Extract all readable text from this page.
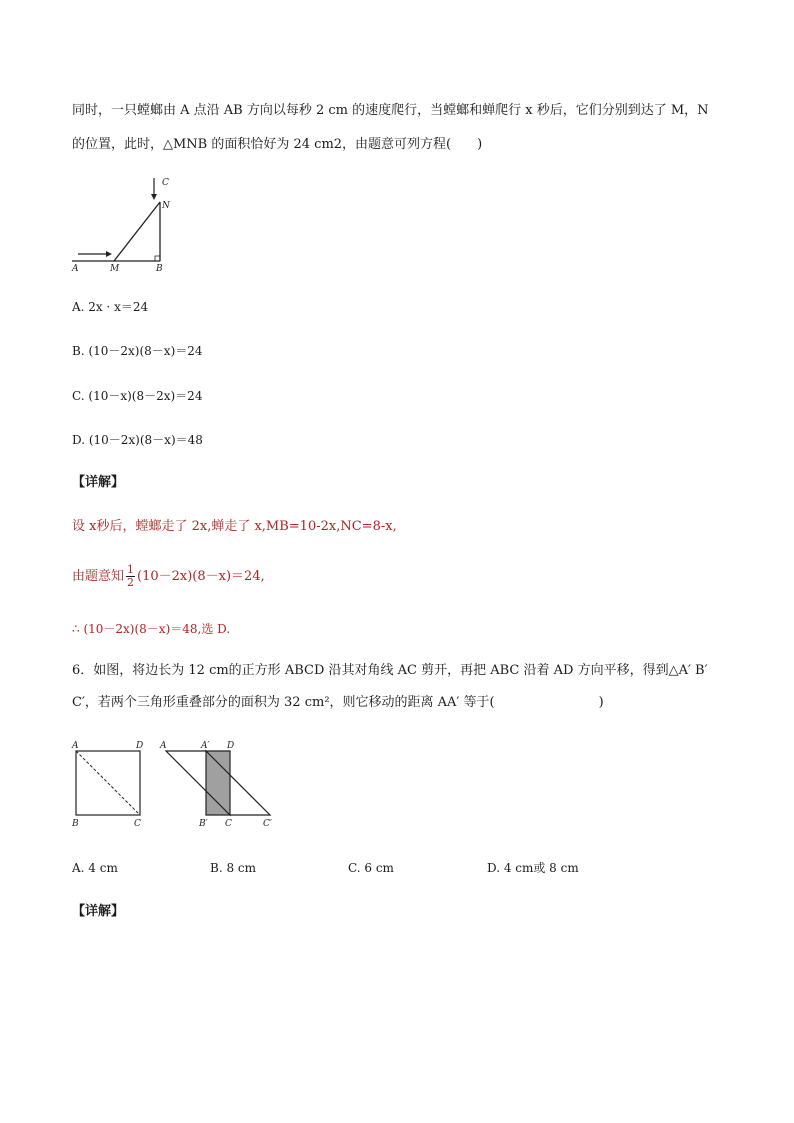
同时，一只螳螂由 A 点沿 AB 方向以每秒 2 cm 的速度爬行，当螳螂和蝉爬行 x 秒后，它们分别到达了 M，N
的位置，此时，△MNB 的面积恰好为 24 cm2，由题意可列方程(　　)
A	M	B
N
C
A. 2x · x＝24
B. (10－2x)(8－x)＝24
C. (10－x)(8－2x)＝24
D. (10－2x)(8－x)＝48
【详解】
设 x秒后，螳螂走了 2x,蝉走了 x,MB=10-2x,NC=8-x,
由题意知 $\frac{1}{2} (10-2x)(8-x)=24$,
∴ (10－2x)(8－x)＝48,选 D.
6．如图，将边长为 12 cm的正方形 ABCD 沿其对角线 AC 剪开，再把 ABC 沿着 AD 方向平移，得到△A′ B′
C′，若两个三角形重叠部分的面积为 32 cm²，则它移动的距离 AA′ 等于(　　　　　　　　)
A	D
B	C
A	A′ D
B′ C	C′
A. 4 cm	B. 8 cm	C. 6 cm	D. 4 cm或 8 cm
【详解】
